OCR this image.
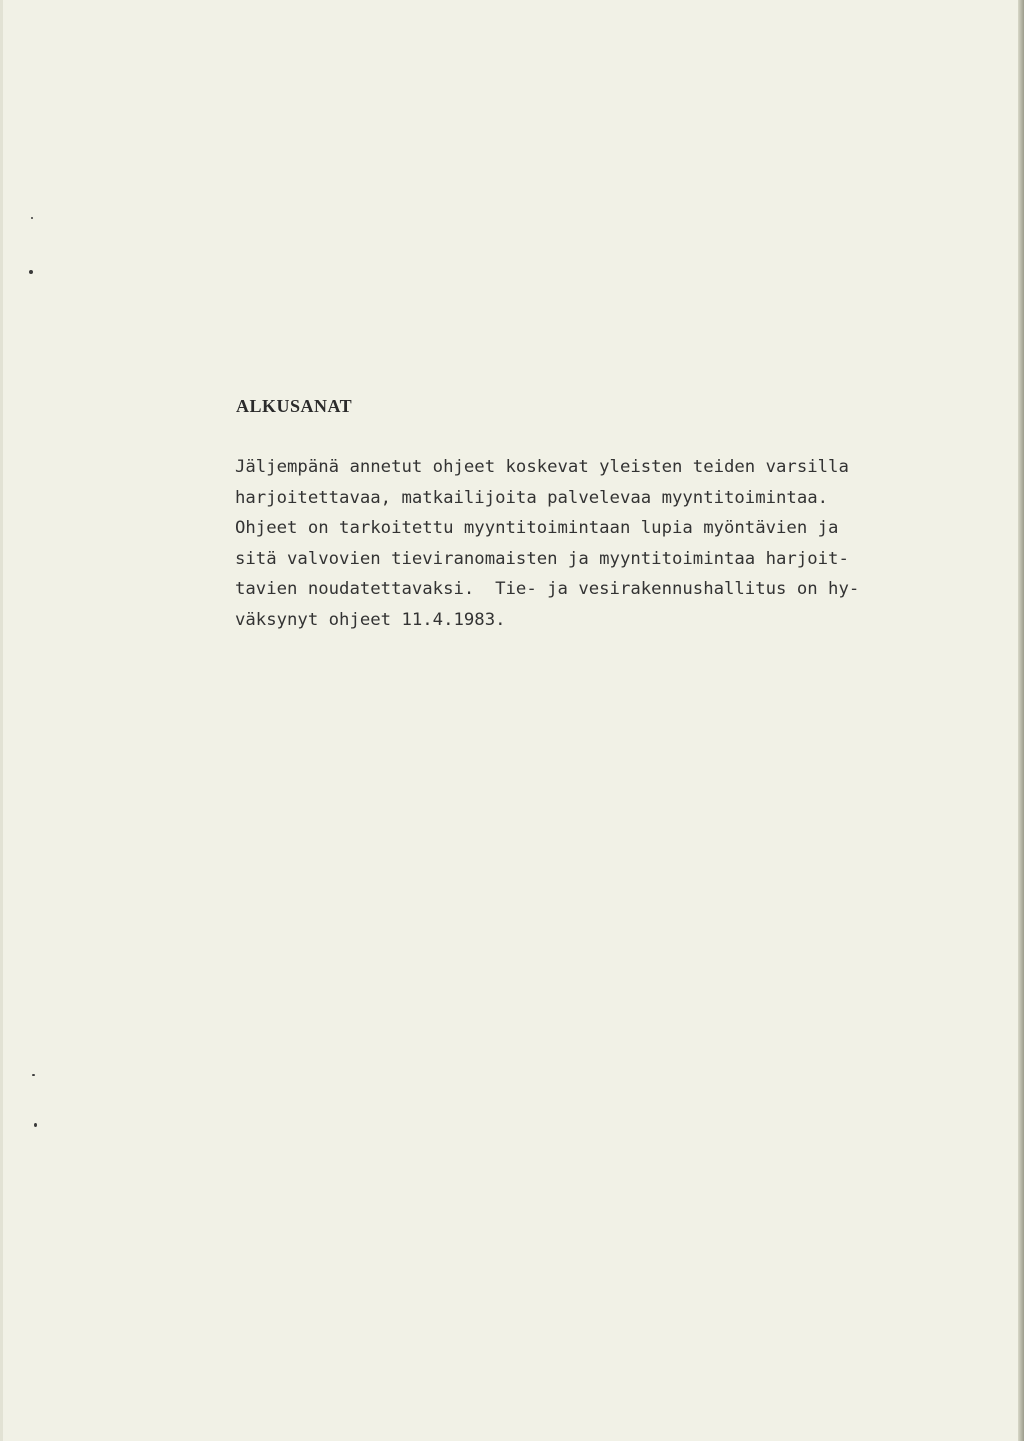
ALKUSANAT

Jäljempänä annetut ohjeet koskevat yleisten teiden varsilla
harjoitettavaa, matkailijoita palvelevaa myyntitoimintaa.
Ohjeet on tarkoitettu myyntitoimintaan lupia myöntävien ja
sitä valvovien tieviranomaisten ja myyntitoimintaa harjoit-
tavien noudatettavaksi.  Tie- ja vesirakennushallitus on hy-
väksynyt ohjeet 11.4.1983.
